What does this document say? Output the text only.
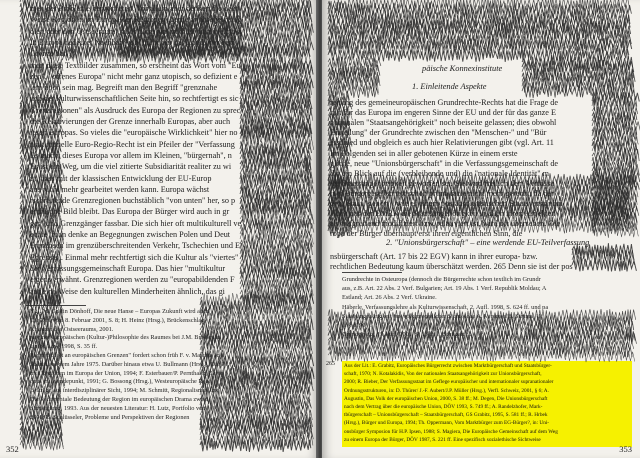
men der Probleme hervortreten. Vor allem aber denken die deut
Weise Regionen im Europa der Regionen) gerne an ihre jeweilig
olen oder den Ostseeraum), aber nicht nur an diese unmittelbar a
In Europa bedeutet Nachbar wohl nicht nur das Land, mit dem
Grenze hat(?)
man diese Textbilder zusammen, so erscheint das Wort vom "Eu
zen", "offenes Europa" nicht mehr ganz utopisch, so defizient e
lem noch sein mag. Begreift man den Begriff "grenznahe
uch der kulturwissenschaftlichen Seite hin, so rechtfertigt es sic
Grenzregionen" als Ausdruck des Europa der Regionen zu sprec
die Relativierungen der Grenze innerhalb Europas, aber auch
iesen Europas. So vieles die "europäische Wirklichkeit" hier no
nstitutionelle Euro-Regio-Recht ist ein Pfeiler der "Verfassung
Es macht dieses Europa vor allem im Kleinen, "bürgernah", n
Es ist ein Weg, um die viel zitierte Subsidiarität realiter zu wi
ut, dass mit der klassischen Entwicklung der EU-Europ
aus nicht mehr gearbeitet werden kann. Europa wächst
rschreitende Grenzregionen buchstäblich "von unten" her, so p
erchische Bild bleibt. Das Europa der Bürger wird auch in gr
ger" und Grenzgänger fassbar. Die sich hier oft multikulturell ve
echte (man denke an Begegnungen zwischen Polen und Deut
Franzosen im grenzüberschreitenden Verkehr, Tschechien und E
Egrensis). Einmal mehr rechtfertigt sich die Kultur als "viertes"
der Verfassungsgemeinschaft Europa. Das hier "multikultur
eigens erwähnt. Grenzregionen werden zu "europabildenden F
auf eine Weise den kulturellen Minderheiten ähnlich, das gi
Vgl. M. Gräfin Dönhoff, Die neue Hanse – Europas Zukunft wird auch
Die Zeit vom 8. Februar 2001, S. 8; H. Heinz (Hrsg.), Brückenschlag
Kulturen des Ostseeraums, 2001.
zu einer europäischen (Kultur-)Philosophie des Raumes bei J.M. Broekman
Union Law, 1998, S. 35 ff.
Partnerschaft an europäischen Grenzen" fordert schon früh F. v. Malchus in s
Schrift aus dem Jahre 1975. Darüber hinaus etwa U. Bullmann (Hrsg.), Die P
me: Regionen im Europa der Union, 1994; F. Esterbauer/P. Pernthaler, Europ
onus im Wendepunkt, 1991; G. Bossong (Hrsg.), Westeuropäische Regi
Beiträge aus interdisziplinärer Sicht, 1994; M. Schmitt, Regionalismus und
Die kontinentale Bedeutung der Region im europäischen Drama zwisc
Sinnstiftung, 1993. Aus der neuesten Literatur: H. Lutz, Portfolio von
2000; B. Schlüsseler, Probleme und Perspektiven der Regionen
352
päische Konnexinstitute
1. Einleitende Aspekte
reitung des gemeineuropäischen Grundrechte-Rechts hat die Frage de
raft für das Europa im engeren Sinne der EU und der für das ganze E
nationalen "Staatsangehörigkeit" noch beiseite gelassen; dies obwohl
Einteilung" der Grundrechte zwischen den "Menschen-" und "Bür
erschied und obgleich es auch hier Relativierungen gibt (vgl. Art. 11
Im Folgenden sei in aller gebotenen Kürze in einem erste
gliche, neue "Unionsbürgerschaft" in die Verfassungsgemeinschaft de
die ein Blick auf die (verbleibende und) die "nationale Identität" m
ige Staatsangehörigkeit geworfen sei. Sie wird freilich dem Verfassu
iner Bürgergesellschaft schon prima facie nicht mehr gerecht, da der
dem Staat "gehört", wie es einem postabsolutistischen Staatsverständni
Auch das der EMRK die Staatsangehörigkeit in allen ihren Aspekten
als tiefgreifend modifiziert bzw. relativiert ist, wird oft übersehen. Gle
ropa der Bürger überhaupt erst ihren eigentlichen Sinn, die
2. "Unionsbürgerschaft" – eine werdende EU-Teilverfassung
nsbürgerschaft (Art. 17 bis 22 EGV) kann in ihrer europa- bzw.
rechtlichen Bedeutung kaum überschätzt werden. 265 Denn sie ist der pos
Grundrechte in Osteuropa (dennoch die Bürgerrechte schon textlich im Grundr
aus, z.B. Art. 22 Abs. 2 Verf. Bulgarien; Art. 19 Abs. 1 Verf. Republik Moldau; A
Estland; Art. 26 Abs. 2 Verf. Ukraine.
Häberle, Verfassungslehre als Kulturwissenschaft, 2. Aufl. 1998, S. 624 ff. und pa
Staatsangehörigkeit aus völkerrechtlicher Sicht siehe A. Verdross/B. Simma, Ui
... § 1190 ...
Grundgesetz, 15 Aufl. 2001, S. 13 ff. ... Stuttgart ...
265 Aus der Lit.: E. Grabitz, Europäisches Bürgerrecht zwischen Marktbürgerschaft und Staatsbürger-
schaft, 1970; N. Kotalakidis, Von der nationalen Staatsangehörigkeit zur Unionsbürgerschaft,
2000; R. Bieber, Der Verfassungsstaat im Geflege europäischer und internationaler supranationaler
Ordnungsstrukturen, in: D. Thürer/ J.-F. Aubert/J.P. Müller (Hrsg.), Verfl. Schweiz, 2001, § 6; A.
Augustin, Das Volk der europäischen Union, 2000, S. 38 ff.; M. Degen, Die Unionsbürgerschaft
nach dem Vertrag über die europäische Union, DÖV 1993, S. 749 ff.; A. Randelzhofer, Mark-
tbürgerschaft – Unionsbürgerschaft – Staatsbürgerschaft, GS Grabitz, 1995, S. 581 ff.; R. Hrbek
(Hrsg.), Bürger und Europa, 1994; Th. Oppermann, Vom Marktbürger zum EG-Bürger?, in: Uni-
onsbürger Symposion für H.P. Ipsen, 1988; S. Magiera, Die Europäische Gemeinschaft auf dem Weg
zu einem Europa der Bürger, DÖV 1987, S. 221 ff. Eine spezifisch sozialethische Sichtweise
353
